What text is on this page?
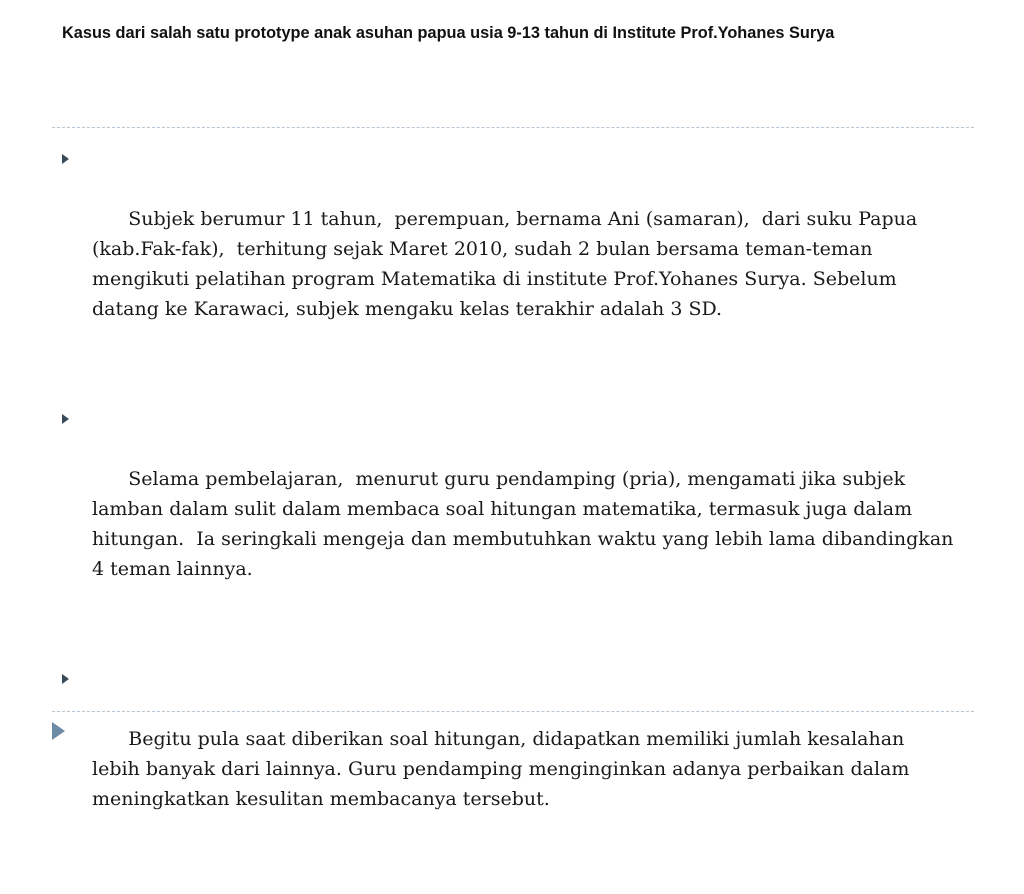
Kasus dari salah satu prototype anak asuhan papua usia 9-13 tahun di Institute Prof.Yohanes Surya

Subjek berumur 11 tahun,  perempuan, bernama Ani (samaran),  dari suku Papua (kab.Fak-fak),  terhitung sejak Maret 2010, sudah 2 bulan bersama teman-teman mengikuti pelatihan program Matematika di institute Prof.Yohanes Surya. Sebelum datang ke Karawaci, subjek mengaku kelas terakhir adalah 3 SD.

Selama pembelajaran,  menurut guru pendamping (pria), mengamati jika subjek lamban dalam sulit dalam membaca soal hitungan matematika, termasuk juga dalam hitungan.  Ia seringkali mengeja dan membutuhkan waktu yang lebih lama dibandingkan 4 teman lainnya.

Begitu pula saat diberikan soal hitungan, didapatkan memiliki jumlah kesalahan  lebih banyak dari lainnya. Guru pendamping menginginkan adanya perbaikan dalam meningkatkan kesulitan membacanya tersebut.
